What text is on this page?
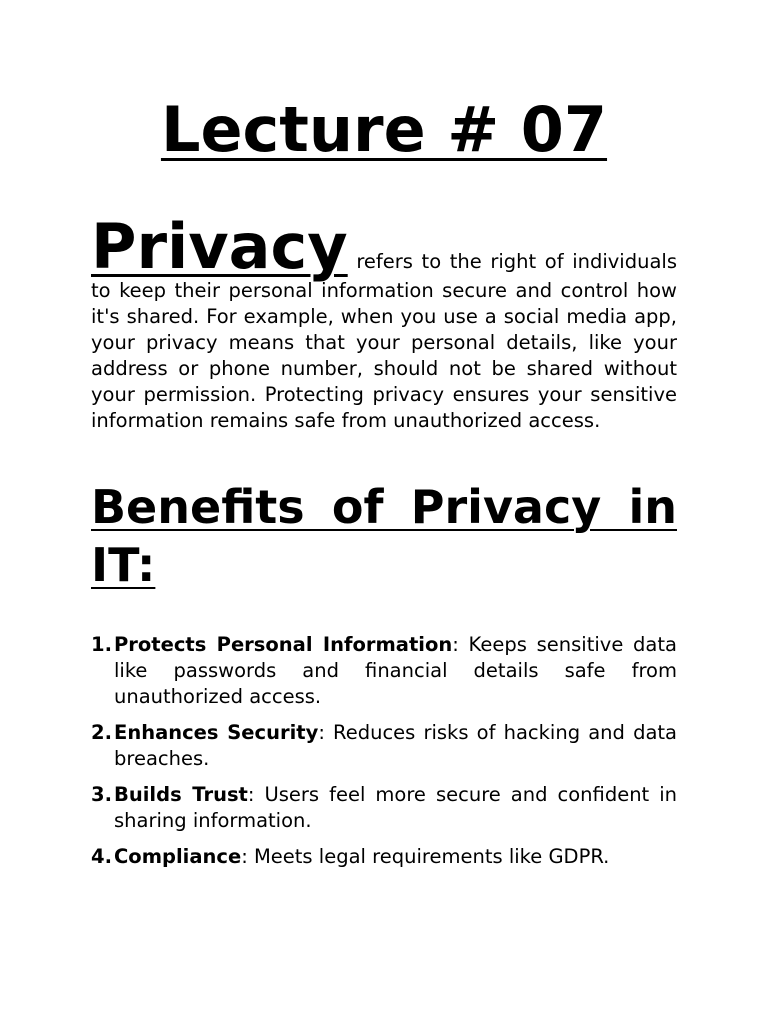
Lecture # 07

Privacy refers to the right of individuals to keep their personal information secure and control how it's shared. For example, when you use a social media app, your privacy means that your personal details, like your address or phone number, should not be shared without your permission. Protecting privacy ensures your sensitive information remains safe from unauthorized access.

Benefits of Privacy in IT:
1. Protects Personal Information: Keeps sensitive data like passwords and financial details safe from unauthorized access.
2. Enhances Security: Reduces risks of hacking and data breaches.
3. Builds Trust: Users feel more secure and confident in sharing information.
4. Compliance: Meets legal requirements like GDPR.
